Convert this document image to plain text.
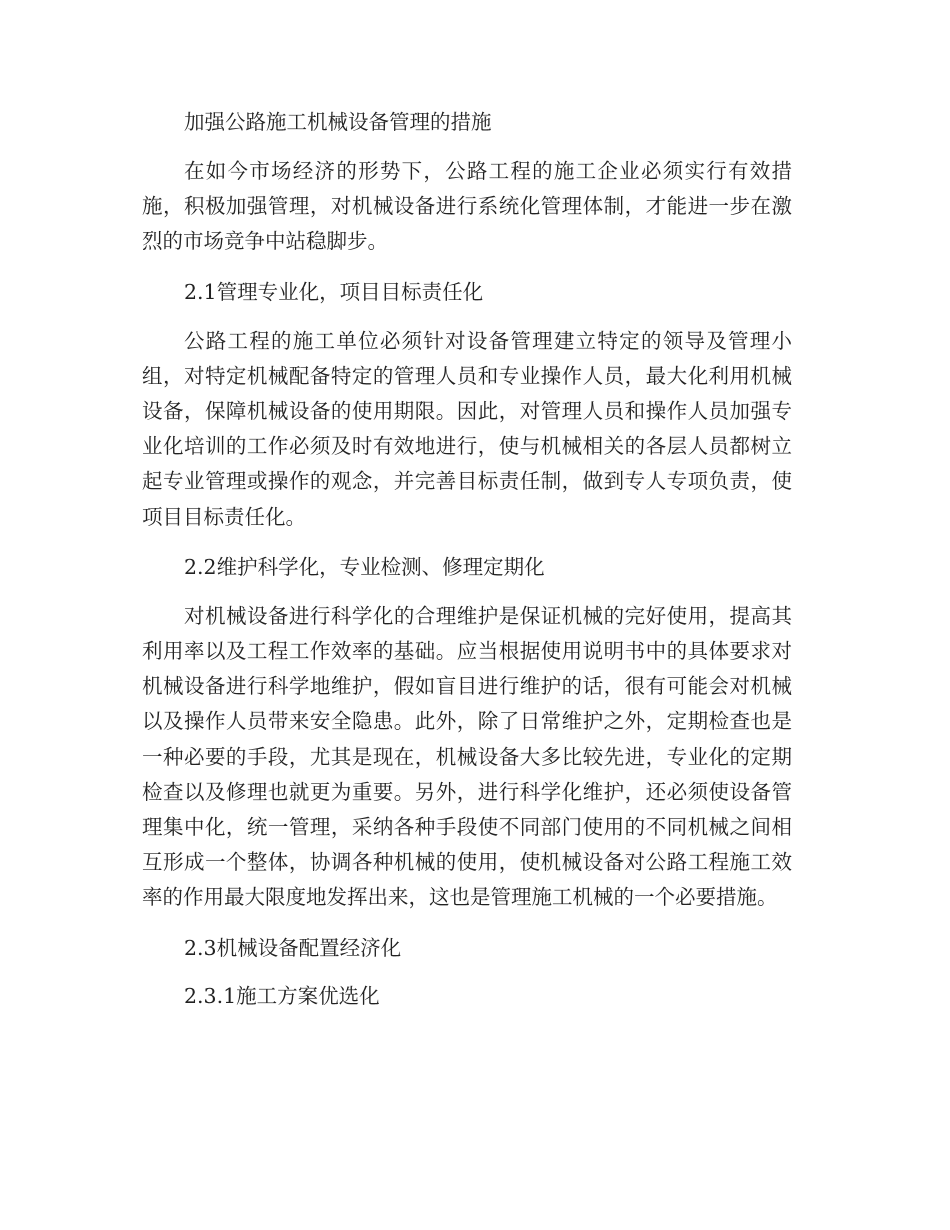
加强公路施工机械设备管理的措施

在如今市场经济的形势下，公路工程的施工企业必须实行有效措施，积极加强管理，对机械设备进行系统化管理体制，才能进一步在激烈的市场竞争中站稳脚步。

2.1管理专业化，项目目标责任化

公路工程的施工单位必须针对设备管理建立特定的领导及管理小组，对特定机械配备特定的管理人员和专业操作人员，最大化利用机械设备，保障机械设备的使用期限。因此，对管理人员和操作人员加强专业化培训的工作必须及时有效地进行，使与机械相关的各层人员都树立起专业管理或操作的观念，并完善目标责任制，做到专人专项负责，使项目目标责任化。

2.2维护科学化，专业检测、修理定期化

对机械设备进行科学化的合理维护是保证机械的完好使用，提高其利用率以及工程工作效率的基础。应当根据使用说明书中的具体要求对机械设备进行科学地维护，假如盲目进行维护的话，很有可能会对机械以及操作人员带来安全隐患。此外，除了日常维护之外，定期检查也是一种必要的手段，尤其是现在，机械设备大多比较先进，专业化的定期检查以及修理也就更为重要。另外，进行科学化维护，还必须使设备管理集中化，统一管理，采纳各种手段使不同部门使用的不同机械之间相互形成一个整体，协调各种机械的使用，使机械设备对公路工程施工效率的作用最大限度地发挥出来，这也是管理施工机械的一个必要措施。

2.3机械设备配置经济化

2.3.1施工方案优选化
